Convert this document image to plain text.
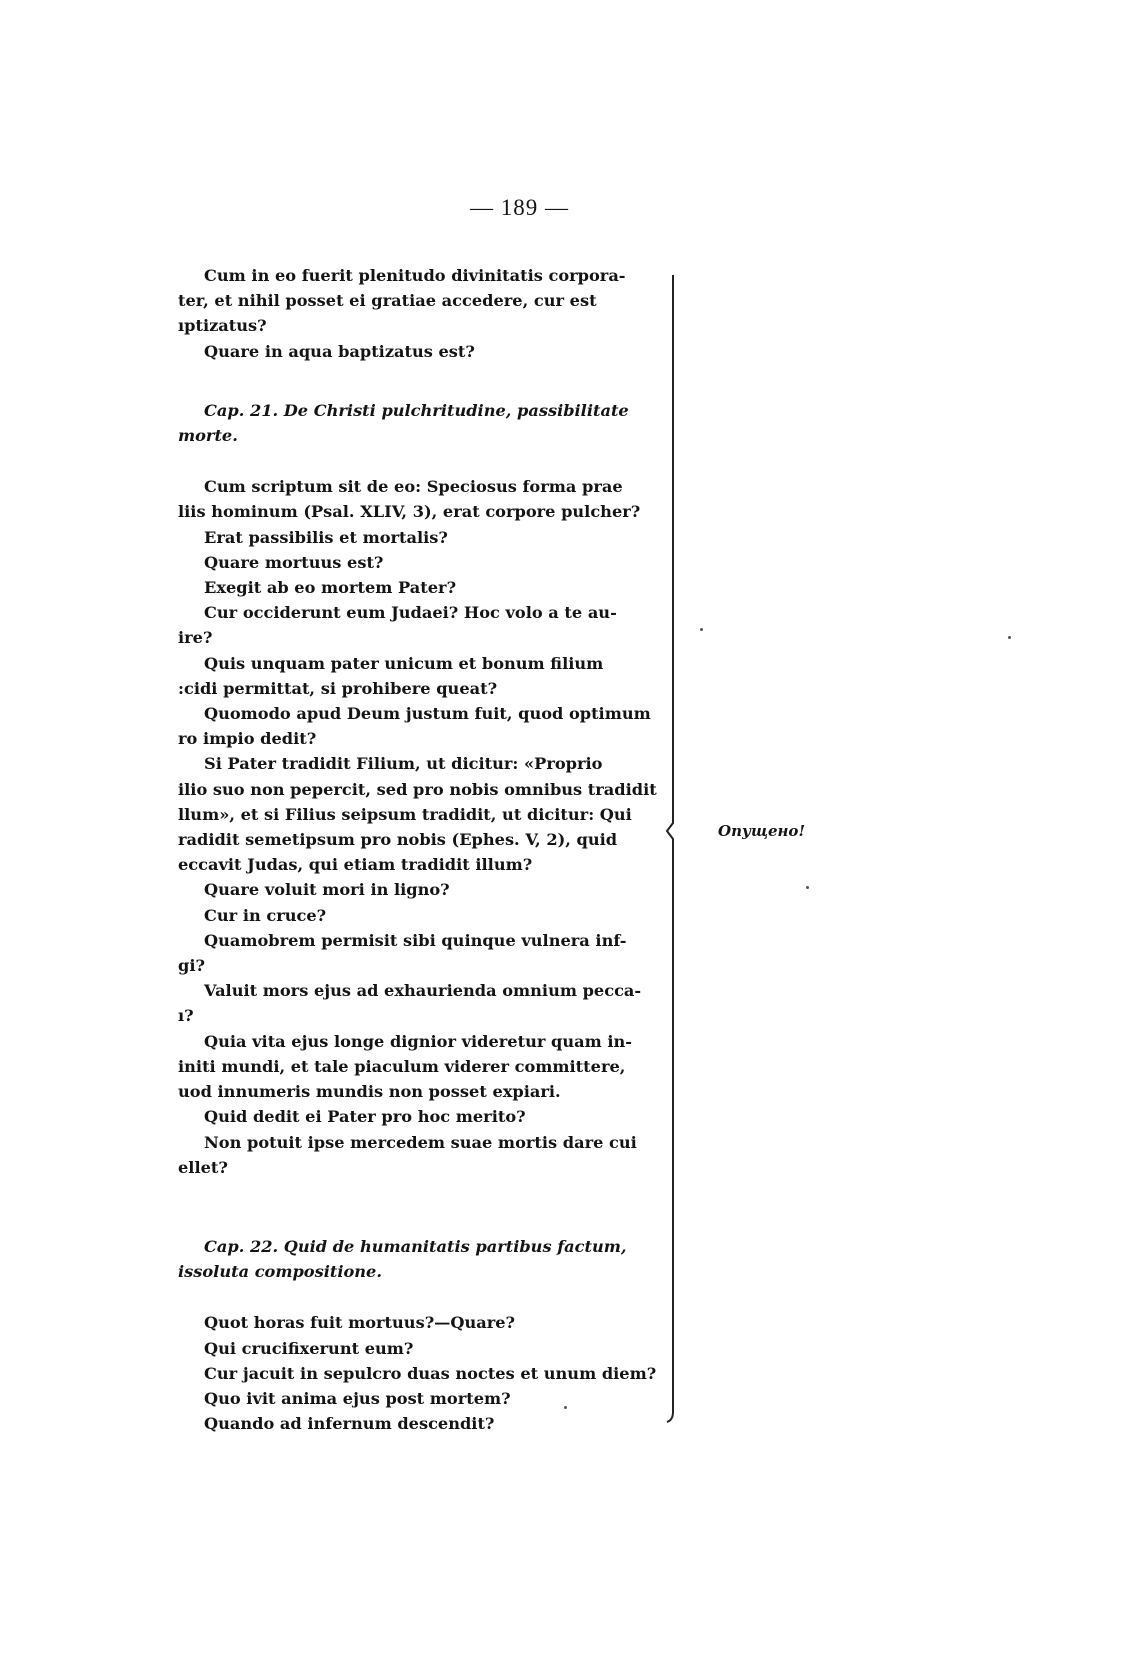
— 189 —
Cum in eo fuerit plenitudo divinitatis corpora-
ter, et nihil posset ei gratiae accedere, cur est
ıptizatus?
Quare in aqua baptizatus est?
Cap. 21. De Christi pulchritudine, passibilitate
morte.
Cum scriptum sit de eo: Speciosus forma prae
liis hominum (Psal. XLIV, 3), erat corpore pulcher?
Erat passibilis et mortalis?
Quare mortuus est?
Exegit ab eo mortem Pater?
Cur occiderunt eum Judaei? Hoc volo a te au-
ire?
Quis unquam pater unicum et bonum filium
:cidi permittat, si prohibere queat?
Quomodo apud Deum justum fuit, quod optimum
ro impio dedit?
Si Pater tradidit Filium, ut dicitur: «Proprio
ilio suo non pepercit, sed pro nobis omnibus tradidit
llum», et si Filius seipsum tradidit, ut dicitur: Qui
radidit semetipsum pro nobis (Ephes. V, 2), quid
eccavit Judas, qui etiam tradidit illum?
Quare voluit mori in ligno?
Cur in cruce?
Quamobrem permisit sibi quinque vulnera inf-
gi?
Valuit mors ejus ad exhaurienda omnium pecca-
ı?
Quia vita ejus longe dignior videretur quam in-
initi mundi, et tale piaculum viderer committere,
uod innumeris mundis non posset expiari.
Quid dedit ei Pater pro hoc merito?
Non potuit ipse mercedem suae mortis dare cui
ellet?
Cap. 22. Quid de humanitatis partibus factum,
issoluta compositione.
Quot horas fuit mortuus?—Quare?
Qui crucifixerunt eum?
Cur jacuit in sepulcro duas noctes et unum diem?
Quo ivit anima ejus post mortem?
Quando ad infernum descendit?
Опущено!
